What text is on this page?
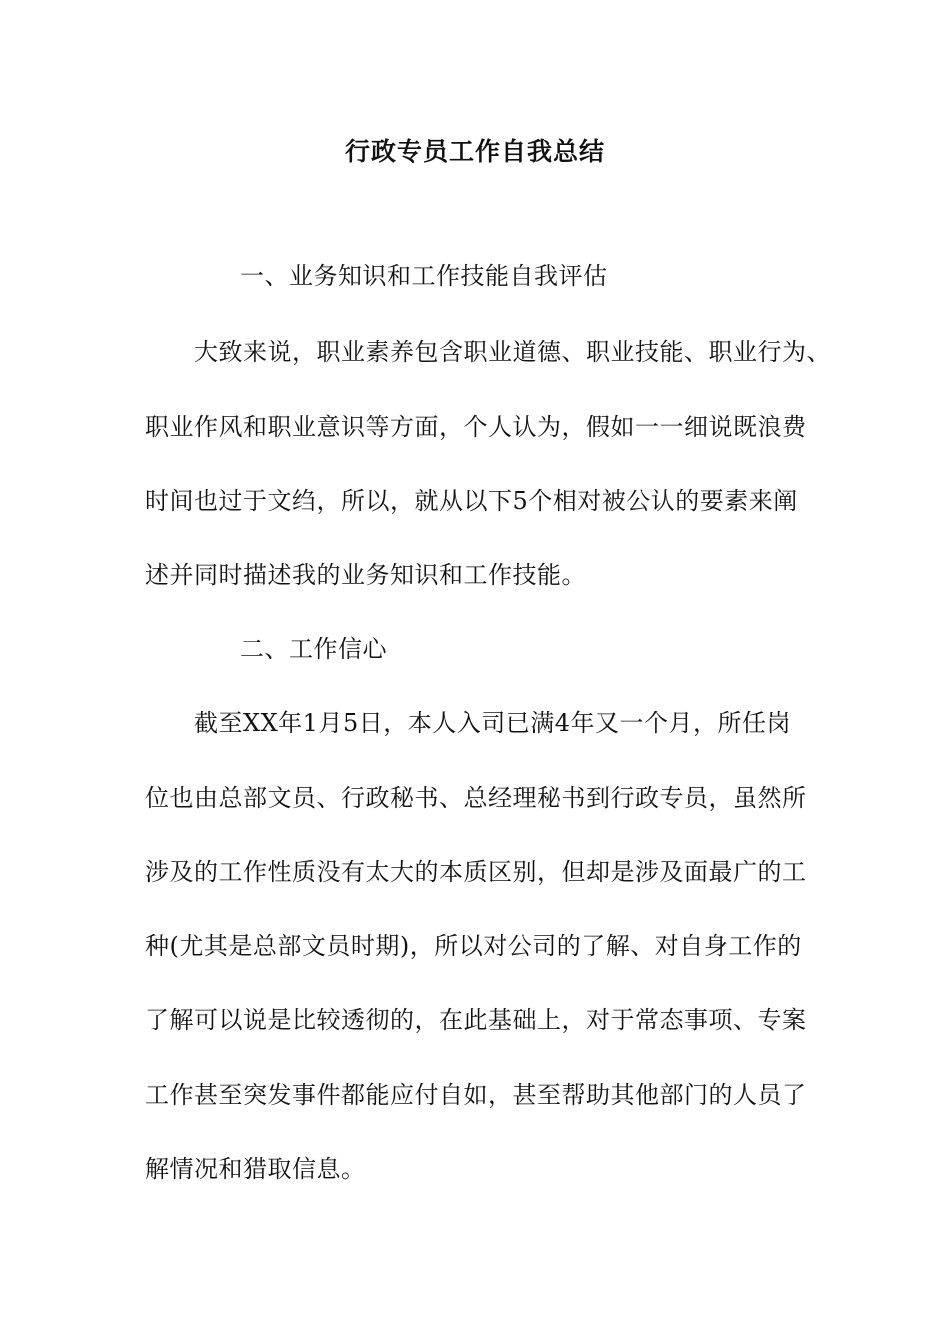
行政专员工作自我总结
一、业务知识和工作技能自我评估
　　大致来说，职业素养包含职业道德、职业技能、职业行为、
职业作风和职业意识等方面，个人认为，假如一一细说既浪费
时间也过于文绉，所以，就从以下5个相对被公认的要素来阐
述并同时描述我的业务知识和工作技能。
二、工作信心
　　截至XX年1月5日，本人入司已满4年又一个月，所任岗
位也由总部文员、行政秘书、总经理秘书到行政专员，虽然所
涉及的工作性质没有太大的本质区别，但却是涉及面最广的工
种(尤其是总部文员时期)，所以对公司的了解、对自身工作的
了解可以说是比较透彻的，在此基础上，对于常态事项、专案
工作甚至突发事件都能应付自如，甚至帮助其他部门的人员了
解情况和猎取信息。
